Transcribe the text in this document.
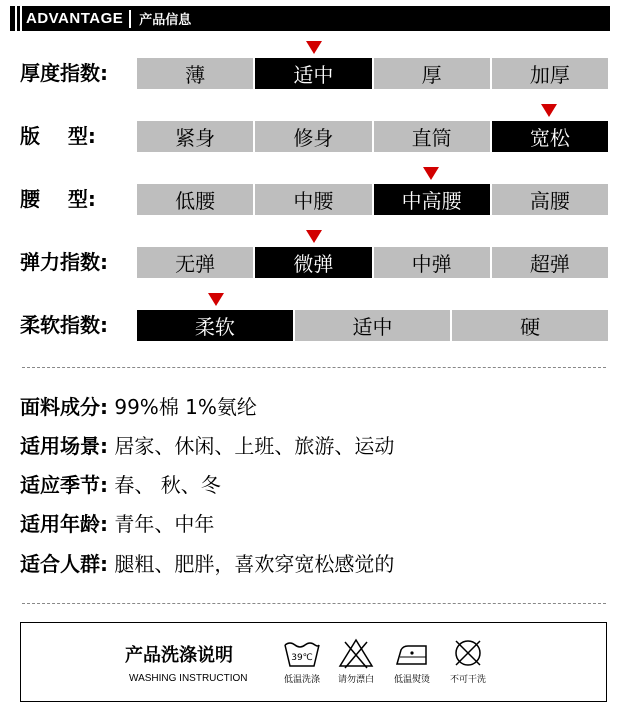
ADVANTAGE 产品信息
厚度指数:	薄	适中	厚	加厚
版    型:	紧身	修身	直筒	宽松
腰    型:	低腰	中腰	中高腰	高腰
弹力指数:	无弹	微弹	中弹	超弹
柔软指数:	柔软	适中	硬
面料成分: 99%棉 1%氨纶
适用场景: 居家、休闲、上班、旅游、运动
适应季节: 春、 秋、冬
适用年龄: 青年、中年
适合人群: 腿粗、肥胖，喜欢穿宽松感觉的
产品洗涤说明
WASHING INSTRUCTION
39℃
低温洗涤	请勿漂白	低温熨烫	不可干洗
